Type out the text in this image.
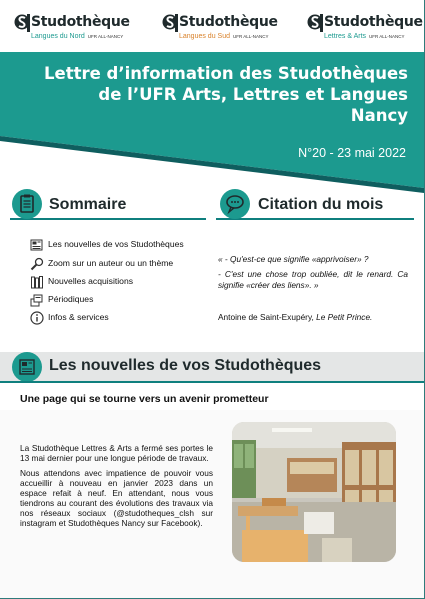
Studothèque
Langues du Nord UFR ALL-NANCY
Studothèque
Langues du Sud UFR ALL-NANCY
Studothèque
Lettres & Arts UFR ALL-NANCY
Lettre d’information des Studothèques
de l’UFR Arts, Lettres et Langues
Nancy
N°20 - 23 mai 2022
Sommaire
Les nouvelles de vos Studothèques
Zoom sur un auteur ou un thème
Nouvelles acquisitions
Périodiques
Infos & services
Citation du mois

« - Qu'est-ce que signifie «apprivoiser» ?

- C'est une chose trop oubliée, dit le renard. Ca signifie «créer des liens». »

Antoine de Saint-Exupéry, Le Petit Prince.
Les nouvelles de vos Studothèques
Une page qui se tourne vers un avenir prometteur

La Studothèque Lettres & Arts a fermé ses portes le 13 mai dernier pour une longue période de travaux.

Nous attendons avec impatience de pouvoir vous accueillir à nouveau en janvier 2023 dans un espace refait à neuf. En attendant, nous vous tiendrons au courant des évolutions des travaux via nos réseaux sociaux (@studotheques_clsh sur instagram et Studothèques Nancy sur Facebook).
